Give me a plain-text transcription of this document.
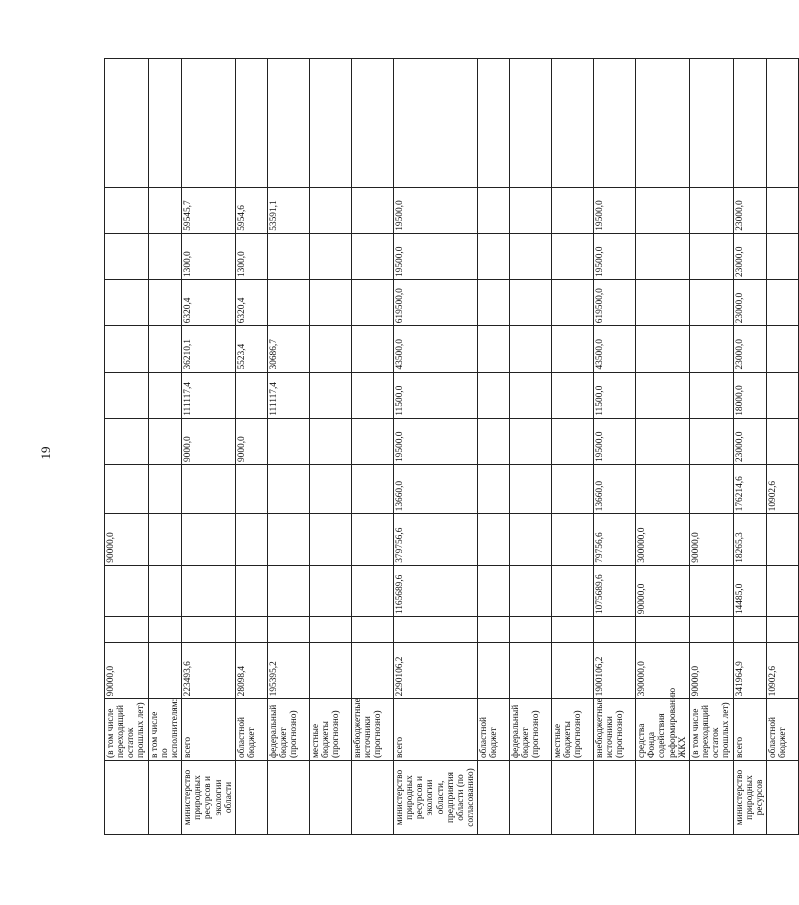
19
	(в том числе переходящий остаток прошлых лет)	90000,0			90000,0								
	в том числе по исполнителям:												
министерство природных ресурсов и экологии области	всего	223493,6					9000,0	111117,4	36210,1	6320,4	1300,0	59545,7	
	областной бюджет	28098,4					9000,0		5523,4	6320,4	1300,0	5954,6	
	федеральный бюджет (прогнозно)	195395,2						111117,4	30686,7			53591,1	
	местные бюджеты (прогнозно)												
	внебюджетные источники (прогнозно)												
министерство природных ресурсов и экологии области, предприятия области (по согласованию)	всего	2290106,2		1165689,6	379756,6	13660,0	19500,0	11500,0	43500,0	619500,0	19500,0	19500,0	
	областной бюджет												
	федеральный бюджет (прогнозно)												
	местные бюджеты (прогнозно)												
	внебюджетные источники (прогнозно)	1900106,2		1075689,6	79756,6	13660,0	19500,0	11500,0	43500,0	619500,0	19500,0	19500,0	
	средства Фонда содействия реформированию ЖКХ	390000,0		90000,0	300000,0								
	(в том числе переходящий остаток прошлых лет)	90000,0			90000,0								
министерство природных ресурсов	всего	341964,9		14485,0	18265,3	176214,6	23000,0	18000,0	23000,0	23000,0	23000,0	23000,0	
	областной бюджет	10902,6				10902,6							
